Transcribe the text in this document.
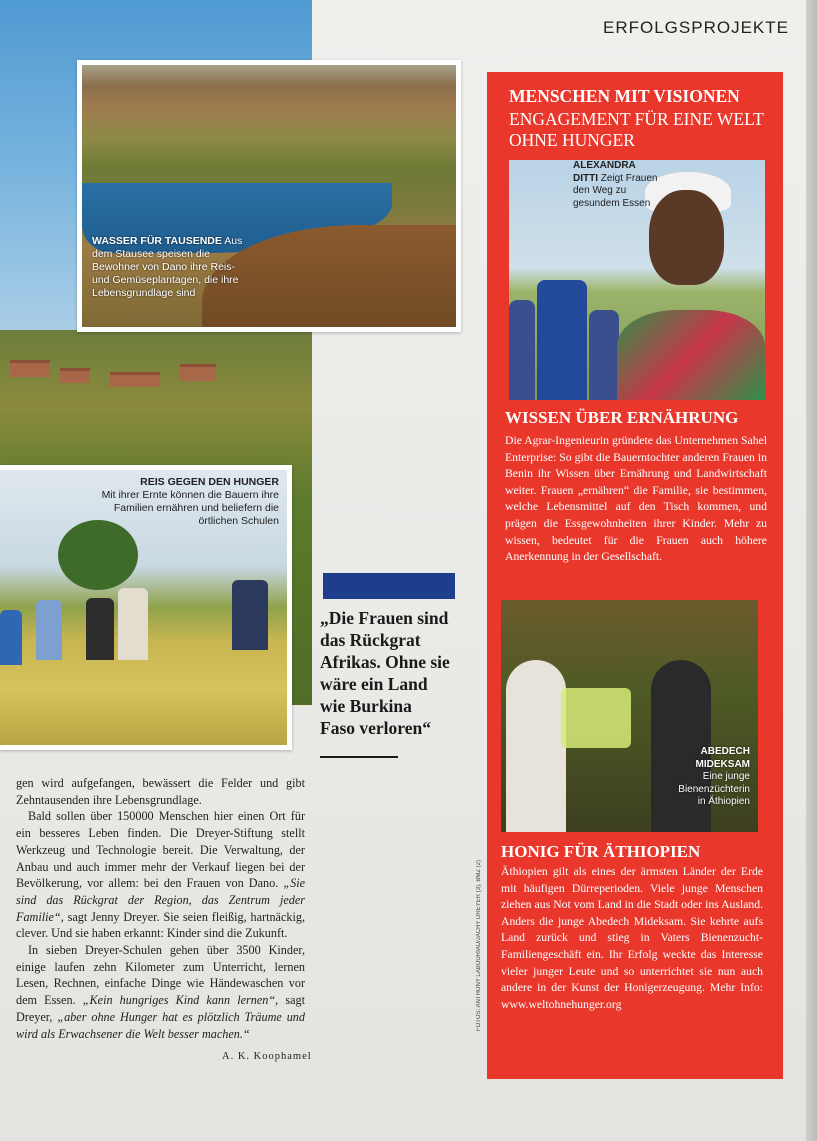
ERFOLGSPROJEKTE
WASSER FÜR TAUSENDE Aus dem Stausee speisen die Bewohner von Dano ihre Reis- und Gemüseplantagen, die ihre Lebensgrundlage sind
REIS GEGEN DEN HUNGER
Mit ihrer Ernte können die Bauern ihre Familien ernähren und beliefern die örtlichen Schulen

gen wird aufgefangen, bewässert die Felder und gibt Zehntausenden ihre Lebensgrundlage.

Bald sollen über 150000 Menschen hier einen Ort für ein besseres Leben finden. Die Dreyer-Stiftung stellt Werkzeug und Technologie bereit. Die Verwaltung, der Anbau und auch immer mehr der Verkauf liegen bei der Bevölkerung, vor allem: bei den Frauen von Dano. „Sie sind das Rückgrat der Region, das Zentrum jeder Familie“, sagt Jenny Dreyer. Sie seien fleißig, hartnäckig, clever. Und sie haben erkannt: Kinder sind die Zukunft.

In sieben Dreyer-Schulen gehen über 3500 Kinder, einige laufen zehn Kilometer zum Unterricht, lernen Lesen, Rechnen, einfache Dinge wie Händewaschen vor dem Essen. „Kein hungriges Kind kann lernen“, sagt Dreyer, „aber ohne Hunger hat es plötzlich Träume und wird als Erwachsener die Welt besser machen.“

A. K. Koophamel
„Die Frauen sind das Rückgrat Afrikas. Ohne sie wäre ein Land wie Burkina Faso verloren“
FOTOS: ANTHONY LABOURIAU/JACHY DREYER (3), BMZ (2)
MENSCHEN MIT VISIONEN
ENGAGEMENT FÜR EINE WELT OHNE HUNGER
ALEXANDRA DITTI Zeigt Frauen den Weg zu gesundem Essen
WISSEN ÜBER ERNÄHRUNG
Die Agrar-Ingenieurin gründete das Unternehmen Sahel Enterprise: So gibt die Bauerntochter anderen Frauen in Benin ihr Wissen über Ernährung und Landwirtschaft weiter. Frauen „ernähren“ die Familie, sie bestimmen, welche Lebensmittel auf den Tisch kommen, und prägen die Essgewohnheiten ihrer Kinder. Mehr zu wissen, bedeutet für die Frauen auch höhere Anerkennung in der Gesellschaft.
ABEDECH MIDEKSAM
Eine junge Bienenzüchterin in Äthiopien
HONIG FÜR ÄTHIOPIEN
Äthiopien gilt als eines der ärmsten Länder der Erde mit häufigen Dürreperioden. Viele junge Menschen ziehen aus Not vom Land in die Stadt oder ins Ausland. Anders die junge Abedech Mideksam. Sie kehrte aufs Land zurück und stieg in Vaters Bienenzucht-Familiengeschäft ein. Ihr Erfolg weckte das Interesse vieler junger Leute und so unterrichtet sie nun auch andere in der Kunst der Honigerzeugung. Mehr Info: www.weltohnehunger.org
